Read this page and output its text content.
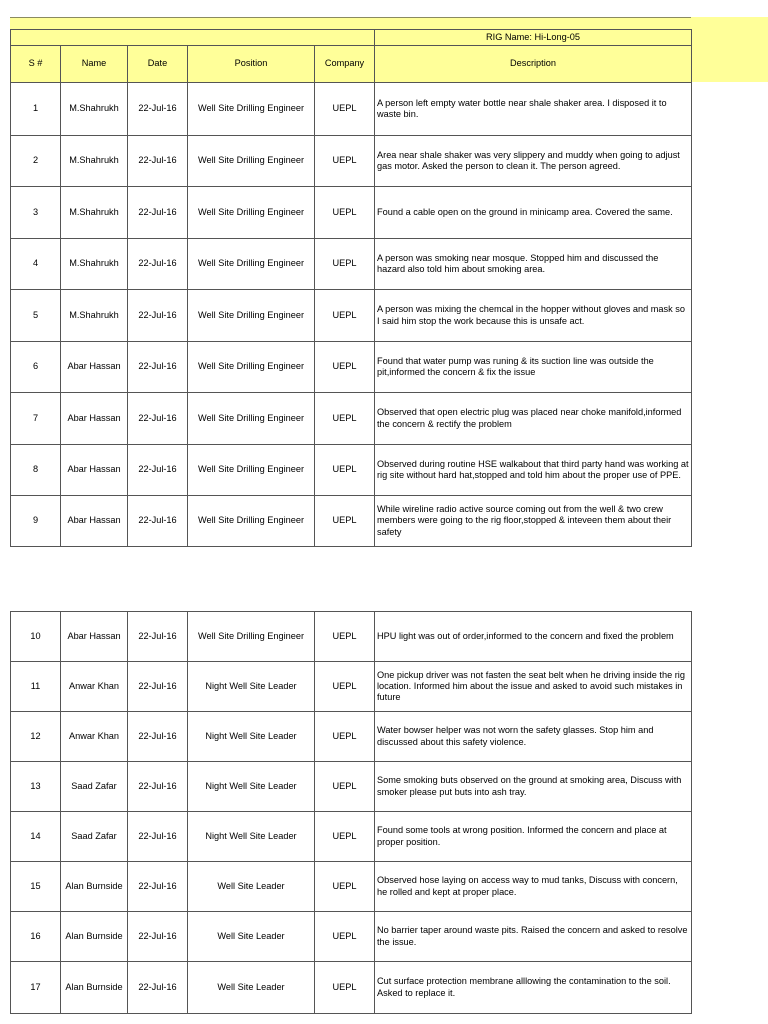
					RIG Name: Hi-Long-05
S #	Name	Date	Position	Company	Description
1	M.Shahrukh	22-Jul-16	Well Site Drilling Engineer	UEPL	A person left empty water bottle near shale shaker area. I disposed it to waste bin.
2	M.Shahrukh	22-Jul-16	Well Site Drilling Engineer	UEPL	Area near shale shaker was very slippery and muddy when going to adjust gas motor. Asked the person to clean it. The person agreed.
3	M.Shahrukh	22-Jul-16	Well Site Drilling Engineer	UEPL	Found a cable open on the ground in minicamp area. Covered the same.
4	M.Shahrukh	22-Jul-16	Well Site Drilling Engineer	UEPL	A person was smoking near mosque. Stopped him and discussed the hazard also told him about smoking area.
5	M.Shahrukh	22-Jul-16	Well Site Drilling Engineer	UEPL	A person was mixing the chemcal in the hopper without gloves and mask so I said him stop the work because this is unsafe act.
6	Abar Hassan	22-Jul-16	Well Site Drilling Engineer	UEPL	Found that water pump was runing & its suction line was outside the pit,informed the concern & fix the issue
7	Abar Hassan	22-Jul-16	Well Site Drilling Engineer	UEPL	Observed that open electric plug was placed near choke manifold,informed the concern & rectify the problem
8	Abar Hassan	22-Jul-16	Well Site Drilling Engineer	UEPL	Observed during routine HSE walkabout that third party hand was working at rig site without hard hat,stopped and told him about the proper use of PPE.
9	Abar Hassan	22-Jul-16	Well Site Drilling Engineer	UEPL	While wireline radio active source coming out from the well & two crew members were going to the rig floor,stopped & inteveen them about their safety
10	Abar Hassan	22-Jul-16	Well Site Drilling Engineer	UEPL	HPU light was out of order,informed to the concern and fixed the problem
11	Anwar Khan	22-Jul-16	Night Well Site Leader	UEPL	One pickup driver was not fasten the seat belt when he driving inside the rig location. Informed him about the issue and asked to avoid such mistakes in future
12	Anwar Khan	22-Jul-16	Night Well Site Leader	UEPL	Water bowser helper was not worn the safety glasses. Stop him and discussed about this safety violence.
13	Saad Zafar	22-Jul-16	Night Well Site Leader	UEPL	Some smoking buts observed on the ground at smoking area, Discuss with smoker please put buts into ash tray.
14	Saad Zafar	22-Jul-16	Night Well Site Leader	UEPL	Found some tools at wrong position. Informed the concern and place at proper position.
15	Alan Burnside	22-Jul-16	Well Site Leader	UEPL	Observed hose laying on access way to mud tanks, Discuss with concern, he rolled and kept at proper place.
16	Alan Burnside	22-Jul-16	Well Site Leader	UEPL	No barrier taper around waste pits. Raised the concern and asked to resolve the issue.
17	Alan Burnside	22-Jul-16	Well Site Leader	UEPL	Cut surface protection membrane alllowing the contamination to the soil. Asked to replace it.
